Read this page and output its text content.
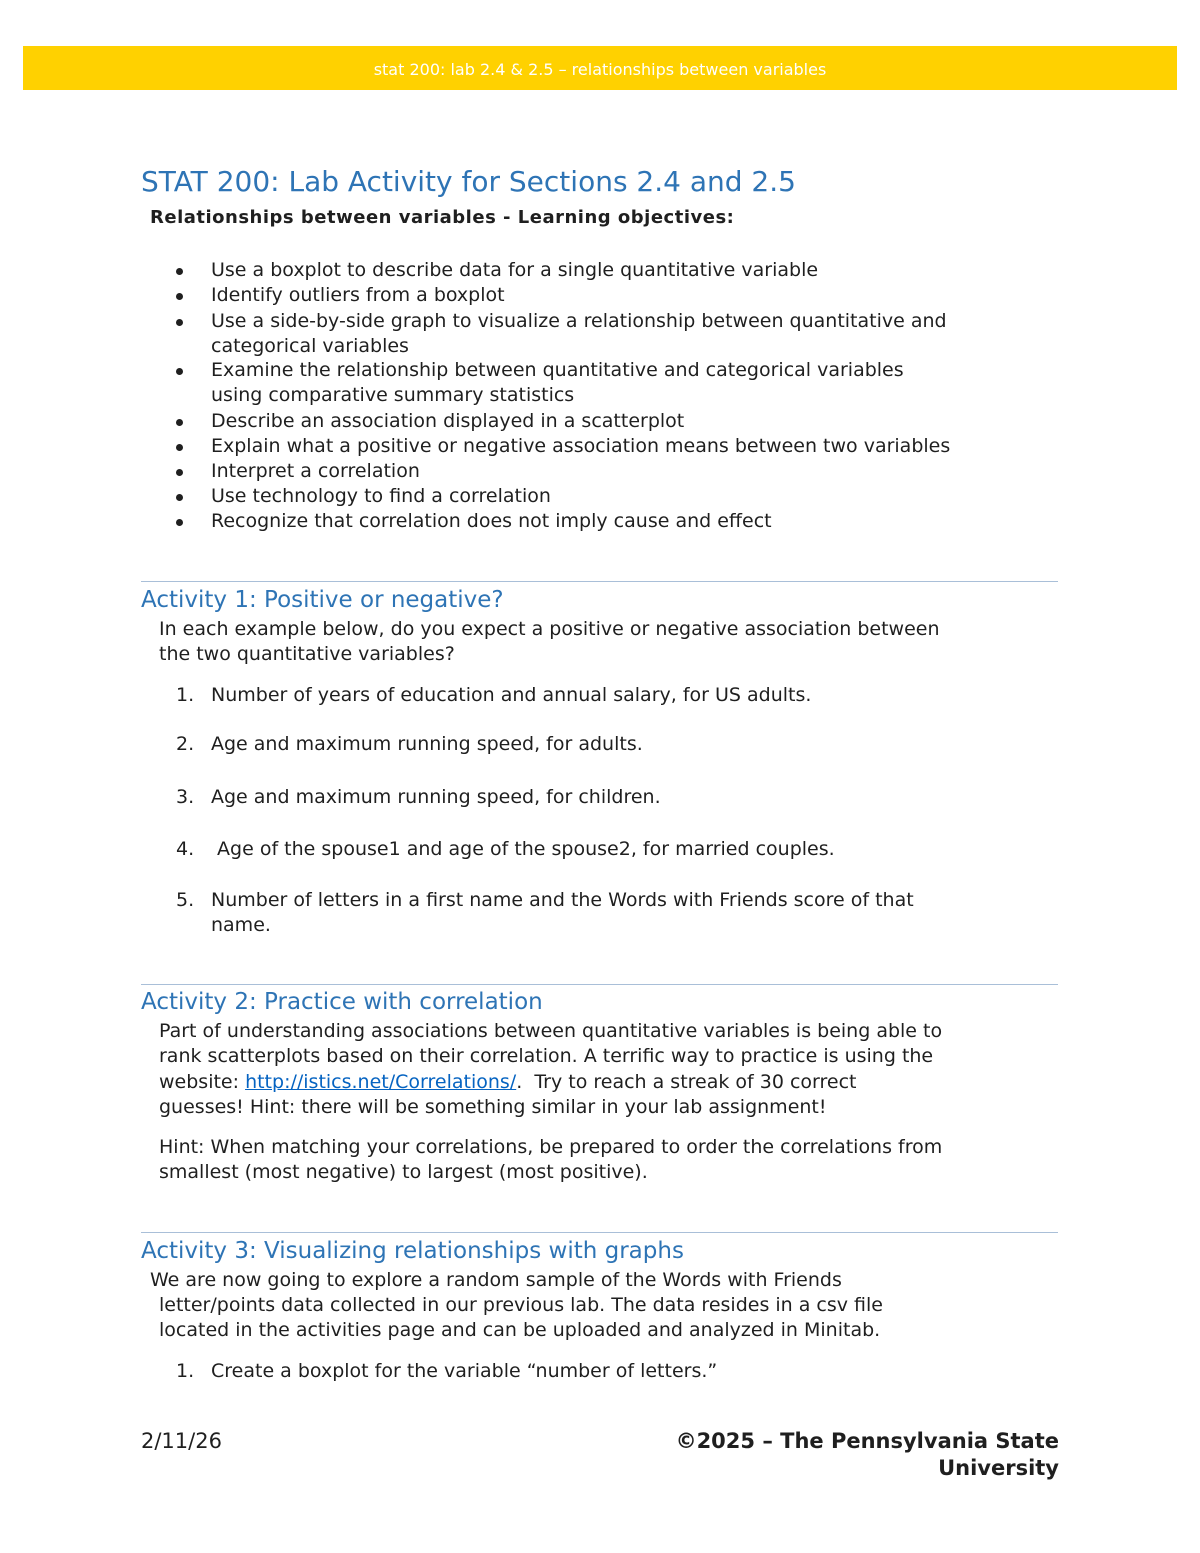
stat 200: lab 2.4 & 2.5 – relationships between variables
STAT 200: Lab Activity for Sections 2.4 and 2.5
Relationships between variables - Learning objectives:
Use a boxplot to describe data for a single quantitative variable
Identify outliers from a boxplot
Use a side-by-side graph to visualize a relationship between quantitative and
categorical variables
Examine the relationship between quantitative and categorical variables
using comparative summary statistics
Describe an association displayed in a scatterplot
Explain what a positive or negative association means between two variables
Interpret a correlation
Use technology to find a correlation
Recognize that correlation does not imply cause and effect
Activity 1: Positive or negative?
In each example below, do you expect a positive or negative association between
the two quantitative variables?
1. Number of years of education and annual salary, for US adults.
2. Age and maximum running speed, for adults.
3. Age and maximum running speed, for children.
4. Age of the spouse1 and age of the spouse2, for married couples.
5. Number of letters in a first name and the Words with Friends score of that
name.
Activity 2: Practice with correlation
Part of understanding associations between quantitative variables is being able to
rank scatterplots based on their correlation. A terrific way to practice is using the
website: http://istics.net/Correlations/.  Try to reach a streak of 30 correct
guesses! Hint: there will be something similar in your lab assignment!
Hint: When matching your correlations, be prepared to order the correlations from
smallest (most negative) to largest (most positive).
Activity 3: Visualizing relationships with graphs
We are now going to explore a random sample of the Words with Friends
letter/points data collected in our previous lab. The data resides in a csv file
located in the activities page and can be uploaded and analyzed in Minitab.
1. Create a boxplot for the variable “number of letters.”
2/11/26	©2025 – The Pennsylvania State
University
